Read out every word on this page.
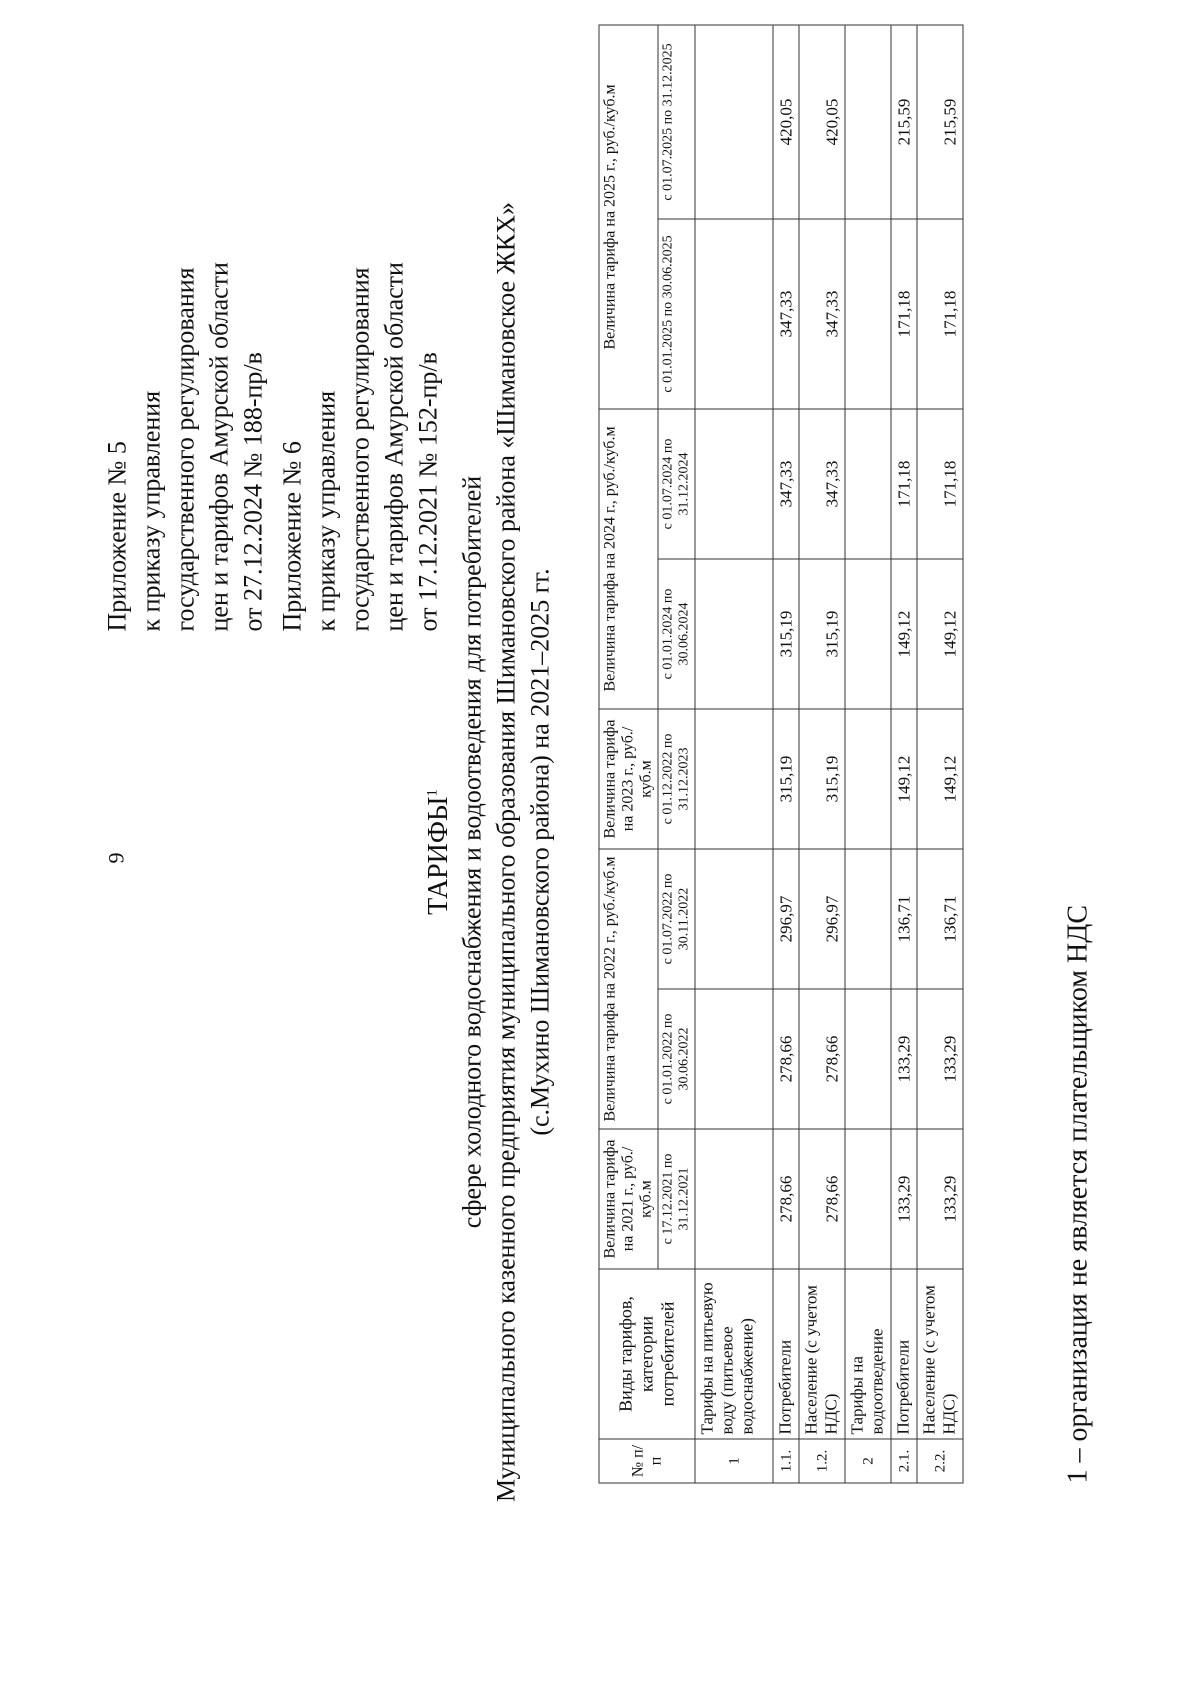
9
Приложение № 5 к приказу управления государственного регулирования цен и тарифов Амурской области от 27.12.2024 № 188-пр/в Приложение № 6 к приказу управления государственного регулирования цен и тарифов Амурской области от 17.12.2021 № 152-пр/в
ТАРИФЫ$^1$ сфере холодного водоснабжения и водоотведения для потребителей Муниципального казенного предприятия муниципального образования Шимановского района «Шимановское ЖКХ» (с.Мухино Шимановского района) на 2021–2025 гг.
№ п/п	Виды тарифов, категории потребителей	Величина тарифа на 2021 г., руб./куб.м	Величина тарифа на 2022 г., руб./куб.м		Величина тарифа на 2023 г., руб./куб.м	Величина тарифа на 2024 г., руб./куб.м		Величина тарифа на 2025 г., руб./куб.м	
		с 17.12.2021 по 31.12.2021	с 01.01.2022 по 30.06.2022	с 01.07.2022 по 30.11.2022	с 01.12.2022 по 31.12.2023	с 01.01.2024 по 30.06.2024	с 01.07.2024 по 31.12.2024	с 01.01.2025 по 30.06.2025	с 01.07.2025 по 31.12.2025
1	Тарифы на питьевую воду (питьевое водоснабжение)								
1.1.	Потребители	278,66	278,66	296,97	315,19	315,19	347,33	347,33	420,05
1.2.	Население (с учетом НДС)	278,66	278,66	296,97	315,19	315,19	347,33	347,33	420,05
2	Тарифы на водоотведение								
2.1.	Потребители	133,29	133,29	136,71	149,12	149,12	171,18	171,18	215,59
2.2.	Население (с учетом НДС)	133,29	133,29	136,71	149,12	149,12	171,18	171,18	215,59
1 – организация не является плательщиком НДС
